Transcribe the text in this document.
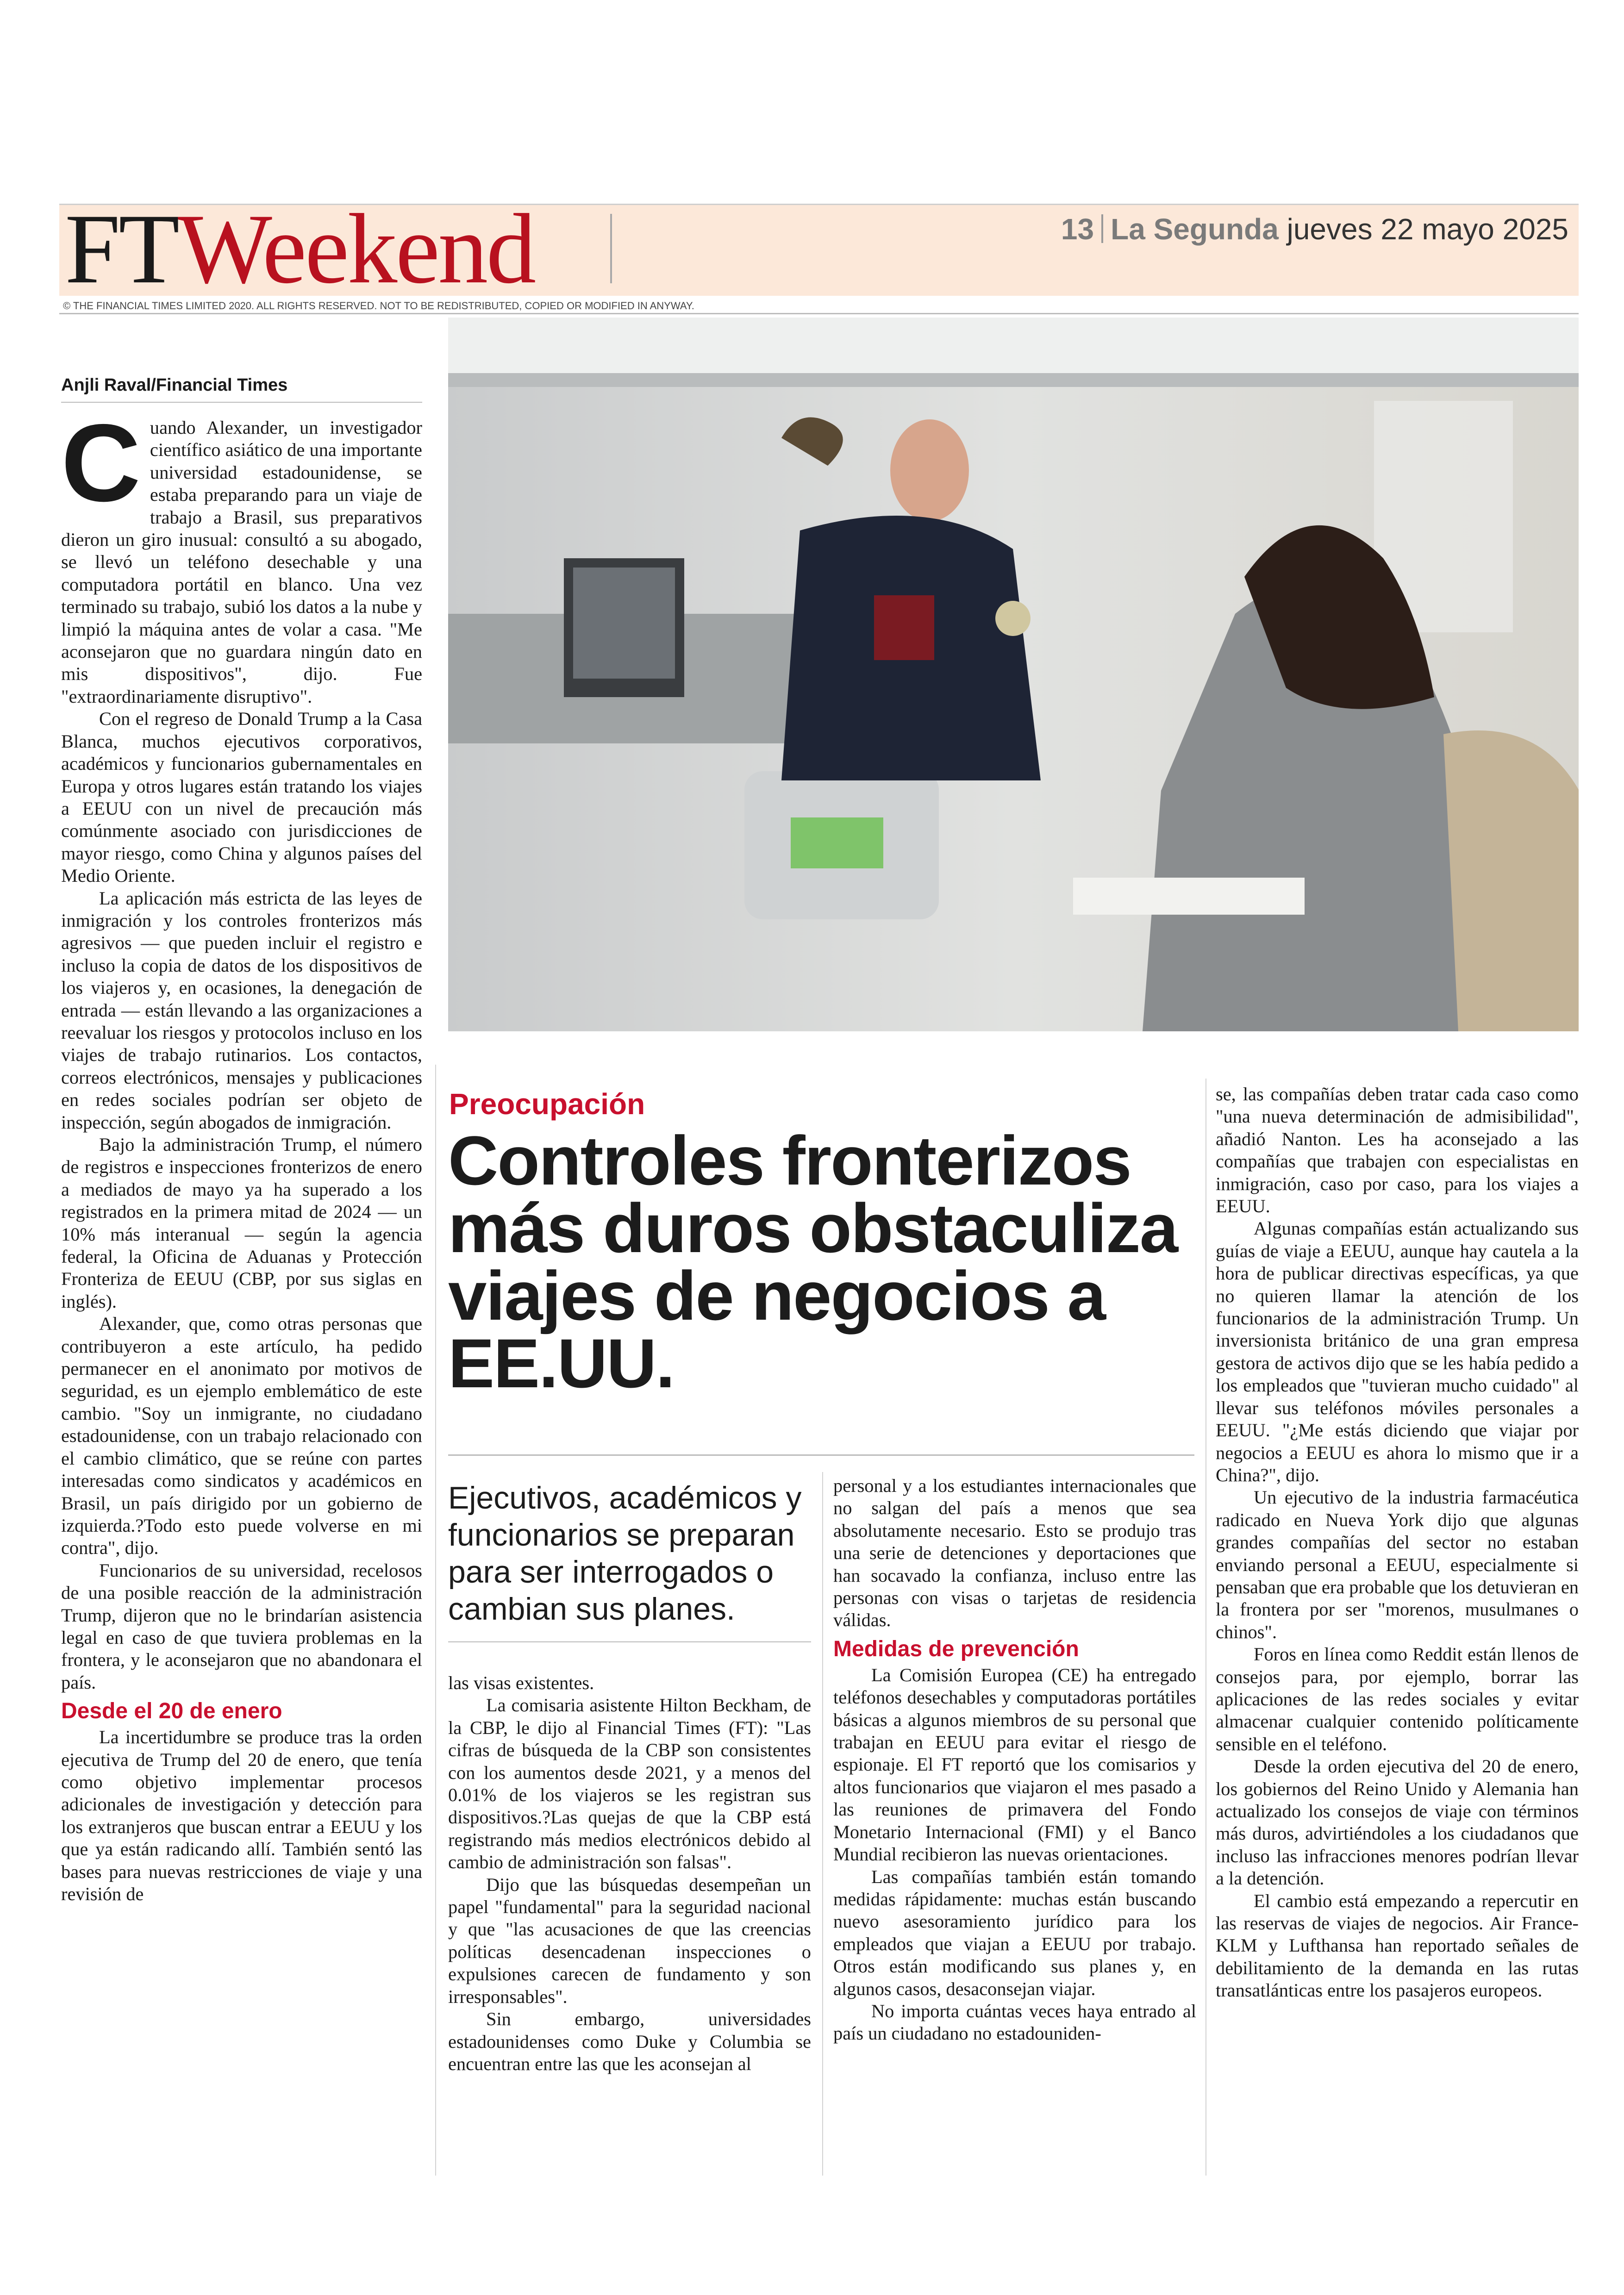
FTWeekend	13 La Segunda jueves 22 mayo 2025
© THE FINANCIAL TIMES LIMITED 2020. ALL RIGHTS RESERVED. NOT TO BE REDISTRIBUTED, COPIED OR MODIFIED IN ANYWAY.
Anjli Raval/Financial Times
C uando Alexander, un investigador científico asiático de una importante universidad estadounidense, se estaba preparando para un viaje de trabajo a Brasil, sus preparativos dieron un giro inusual: consultó a su abogado, se llevó un teléfono desechable y una computadora portátil en blanco. Una vez terminado su trabajo, subió los datos a la nube y limpió la máquina antes de volar a casa. "Me aconsejaron que no guardara ningún dato en mis dispositivos", dijo. Fue "extraordinariamente disruptivo".

Con el regreso de Donald Trump a la Casa Blanca, muchos ejecutivos corporativos, académicos y funcionarios gubernamentales en Europa y otros lugares están tratando los viajes a EEUU con un nivel de precaución más comúnmente asociado con jurisdicciones de mayor riesgo, como China y algunos países del Medio Oriente.

La aplicación más estricta de las leyes de inmigración y los controles fronterizos más agresivos — que pueden incluir el registro e incluso la copia de datos de los dispositivos de los viajeros y, en ocasiones, la denegación de entrada — están llevando a las organizaciones a reevaluar los riesgos y protocolos incluso en los viajes de trabajo rutinarios. Los contactos, correos electrónicos, mensajes y publicaciones en redes sociales podrían ser objeto de inspección, según abogados de inmigración.

Bajo la administración Trump, el número de registros e inspecciones fronterizos de enero a mediados de mayo ya ha superado a los registrados en la primera mitad de 2024 — un 10% más interanual — según la agencia federal, la Oficina de Aduanas y Protección Fronteriza de EEUU (CBP, por sus siglas en inglés).

Alexander, que, como otras personas que contribuyeron a este artículo, ha pedido permanecer en el anonimato por motivos de seguridad, es un ejemplo emblemático de este cambio. "Soy un inmigrante, no ciudadano estadounidense, con un trabajo relacionado con el cambio climático, que se reúne con partes interesadas como sindicatos y académicos en Brasil, un país dirigido por un gobierno de izquierda.?Todo esto puede volverse en mi contra", dijo.

Funcionarios de su universidad, recelosos de una posible reacción de la administración Trump, dijeron que no le brindarían asistencia legal en caso de que tuviera problemas en la frontera, y le aconsejaron que no abandonara el país.

Desde el 20 de enero

La incertidumbre se produce tras la orden ejecutiva de Trump del 20 de enero, que tenía como objetivo implementar procesos adicionales de investigación y detección para los extranjeros que buscan entrar a EEUU y los que ya están radicando allí. También sentó las bases para nuevas restricciones de viaje y una revisión de

Preocupación
Controles fronterizos más duros obstaculiza viajes de negocios a EE.UU.
Ejecutivos, académicos y funcionarios se preparan para ser interrogados o cambian sus planes.

las visas existentes.

La comisaria asistente Hilton Beckham, de la CBP, le dijo al Financial Times (FT): "Las cifras de búsqueda de la CBP son consistentes con los aumentos desde 2021, y a menos del 0.01% de los viajeros se les registran sus dispositivos.?Las quejas de que la CBP está registrando más medios electrónicos debido al cambio de administración son falsas".

Dijo que las búsquedas desempeñan un papel "fundamental" para la seguridad nacional y que "las acusaciones de que las creencias políticas desencadenan inspecciones o expulsiones carecen de fundamento y son irresponsables".

Sin embargo, universidades estadounidenses como Duke y Columbia se encuentran entre las que les aconsejan al

personal y a los estudiantes internacionales que no salgan del país a menos que sea absolutamente necesario. Esto se produjo tras una serie de detenciones y deportaciones que han socavado la confianza, incluso entre las personas con visas o tarjetas de residencia válidas.

Medidas de prevención

La Comisión Europea (CE) ha entregado teléfonos desechables y computadoras portátiles básicas a algunos miembros de su personal que trabajan en EEUU para evitar el riesgo de espionaje. El FT reportó que los comisarios y altos funcionarios que viajaron el mes pasado a las reuniones de primavera del Fondo Monetario Internacional (FMI) y el Banco Mundial recibieron las nuevas orientaciones.

Las compañías también están tomando medidas rápidamente: muchas están buscando nuevo asesoramiento jurídico para los empleados que viajan a EEUU por trabajo. Otros están modificando sus planes y, en algunos casos, desaconsejan viajar.

No importa cuántas veces haya entrado al país un ciudadano no estadouniden-

se, las compañías deben tratar cada caso como "una nueva determinación de admisibilidad", añadió Nanton. Les ha aconsejado a las compañías que trabajen con especialistas en inmigración, caso por caso, para los viajes a EEUU.

Algunas compañías están actualizando sus guías de viaje a EEUU, aunque hay cautela a la hora de publicar directivas específicas, ya que no quieren llamar la atención de los funcionarios de la administración Trump. Un inversionista británico de una gran empresa gestora de activos dijo que se les había pedido a los empleados que "tuvieran mucho cuidado" al llevar sus teléfonos móviles personales a EEUU. "¿Me estás diciendo que viajar por negocios a EEUU es ahora lo mismo que ir a China?", dijo.

Un ejecutivo de la industria farmacéutica radicado en Nueva York dijo que algunas grandes compañías del sector no estaban enviando personal a EEUU, especialmente si pensaban que era probable que los detuvieran en la frontera por ser "morenos, musulmanes o chinos".

Foros en línea como Reddit están llenos de consejos para, por ejemplo, borrar las aplicaciones de las redes sociales y evitar almacenar cualquier contenido políticamente sensible en el teléfono.

Desde la orden ejecutiva del 20 de enero, los gobiernos del Reino Unido y Alemania han actualizado los consejos de viaje con términos más duros, advirtiéndoles a los ciudadanos que incluso las infracciones menores podrían llevar a la detención.

El cambio está empezando a repercutir en las reservas de viajes de negocios. Air France-KLM y Lufthansa han reportado señales de debilitamiento de la demanda en las rutas transatlánticas entre los pasajeros europeos.
